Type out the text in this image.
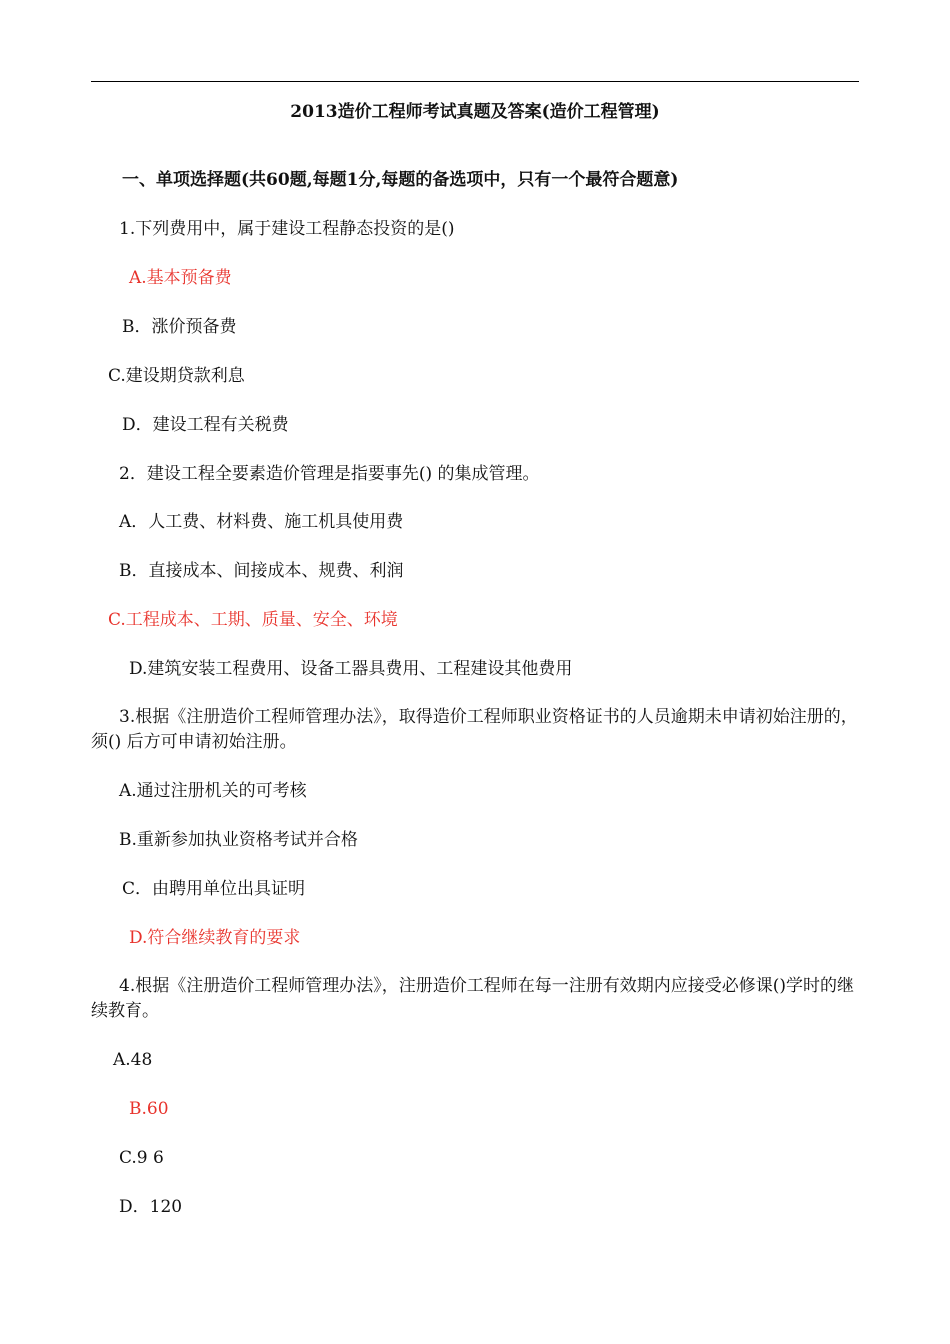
2013造价工程师考试真题及答案(造价工程管理)
一、单项选择题(共60题,每题1分,每题的备选项中，只有一个最符合题意)
1.下列费用中，属于建设工程静态投资的是()
A.基本预备费
B．涨价预备费
C.建设期贷款利息
D．建设工程有关税费
2．建设工程全要素造价管理是指要事先() 的集成管理。
A．人工费、材料费、施工机具使用费
B．直接成本、间接成本、规费、利润
C.工程成本、工期、质量、安全、环境
D.建筑安装工程费用、设备工器具费用、工程建设其他费用
3.根据《注册造价工程师管理办法》，取得造价工程师职业资格证书的人员逾期未申请初始注册的，须() 后方可申请初始注册。
A.通过注册机关的可考核
B.重新参加执业资格考试并合格
C．由聘用单位出具证明
D.符合继续教育的要求
4.根据《注册造价工程师管理办法》，注册造价工程师在每一注册有效期内应接受必修课()学时的继续教育。
A.48
B.60
C.9 6
D．120
